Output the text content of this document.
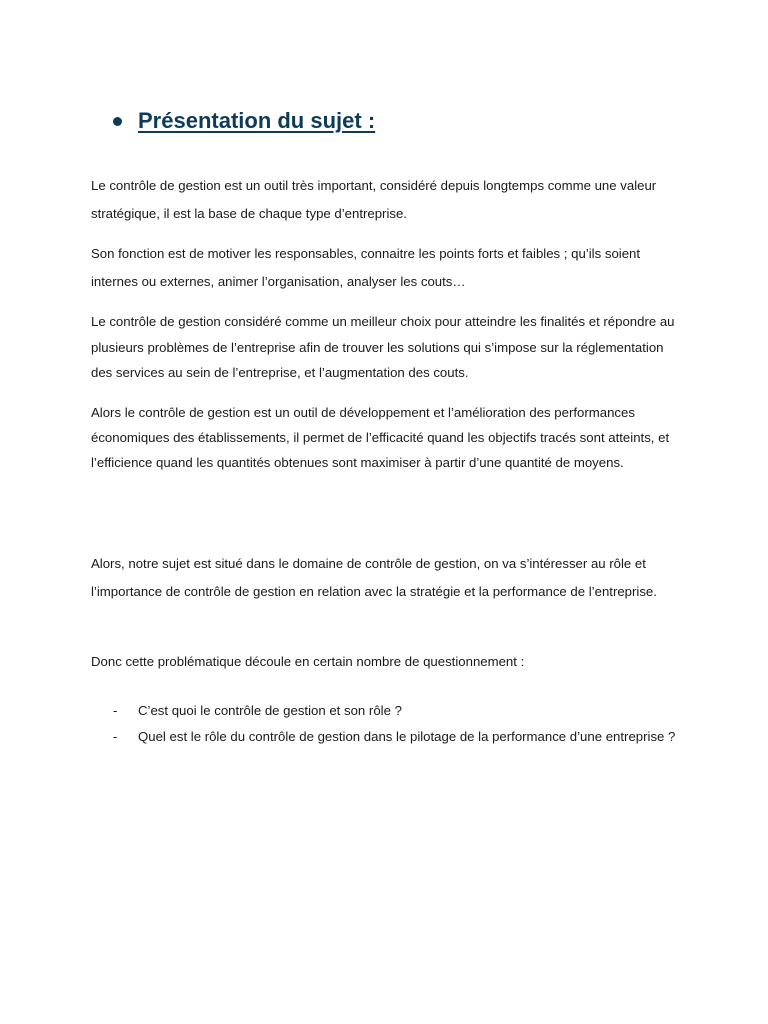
Présentation du sujet :

Le contrôle de gestion est un outil très important, considéré depuis longtemps comme une valeur stratégique, il est la base de chaque type d’entreprise.

Son fonction est de motiver les responsables, connaitre les points forts et faibles ; qu’ils soient internes ou externes, animer l’organisation, analyser les couts…

Le contrôle de gestion considéré comme un meilleur choix pour atteindre les finalités et répondre au plusieurs problèmes de l’entreprise afin de trouver les solutions qui s’impose sur la réglementation des services au sein de l’entreprise, et l’augmentation des couts.

Alors le contrôle de gestion est un outil de développement et l’amélioration des performances économiques des établissements, il permet de l’efficacité quand les objectifs tracés sont atteints, et l’efficience quand les quantités obtenues sont maximiser à partir d’une quantité de moyens.

Alors, notre sujet est situé dans le domaine de contrôle de gestion, on va s’intéresser au rôle et l’importance de contrôle de gestion en relation avec la stratégie et la performance de l’entreprise.

Donc cette problématique découle en certain nombre de questionnement :

- C’est quoi le contrôle de gestion et son rôle ?
- Quel est le rôle du contrôle de gestion dans le pilotage de la performance d’une entreprise ?
